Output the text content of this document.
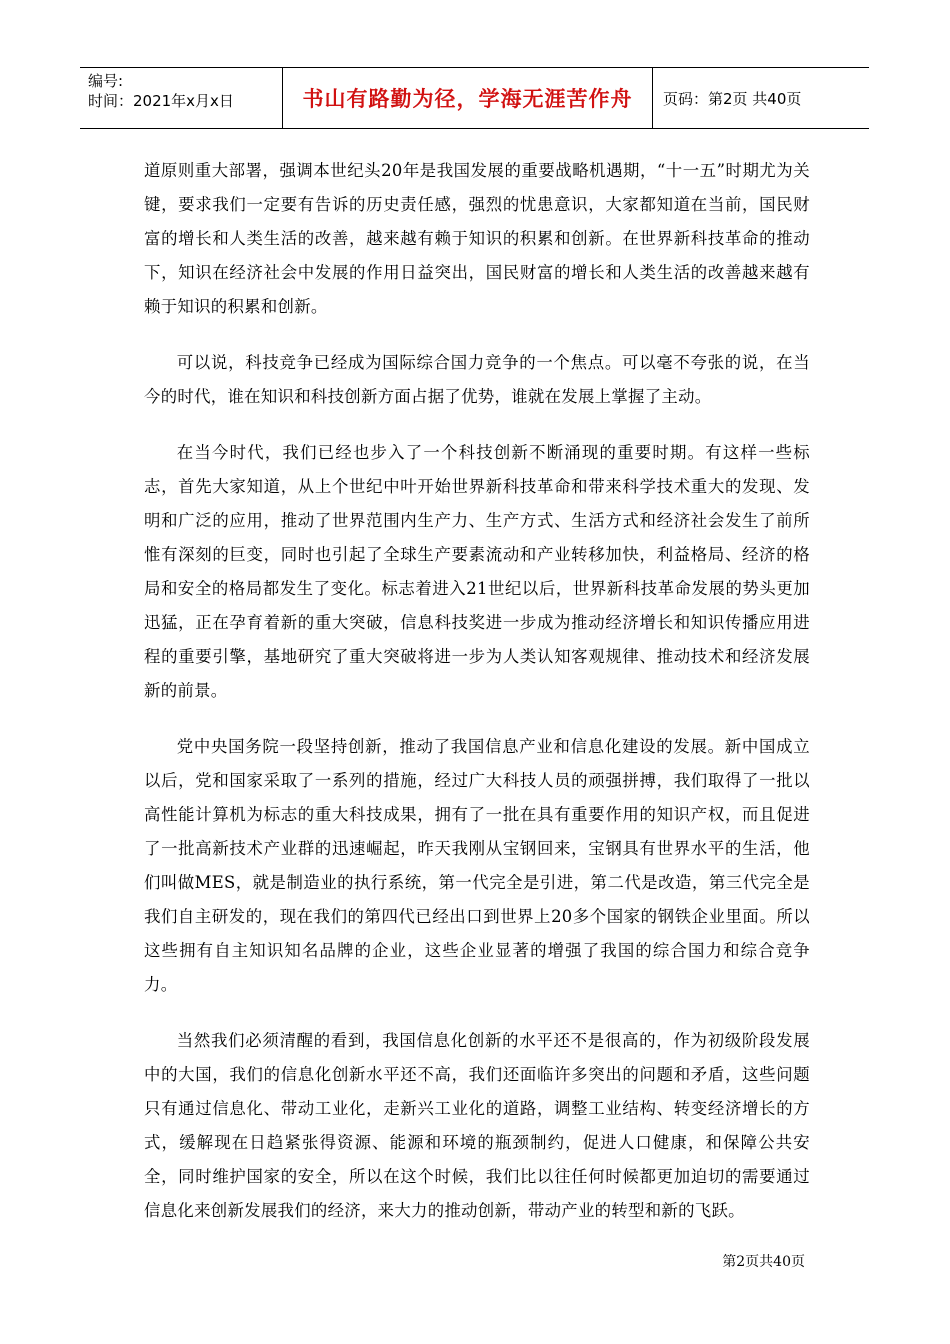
编号:
时间：2021年x月x日	书山有路勤为径，学海无涯苦作舟 页码：第2页 共40页

道原则重大部署，强调本世纪头20年是我国发展的重要战略机遇期，“十一五”时期尤为关键，要求我们一定要有告诉的历史责任感，强烈的忧患意识，大家都知道在当前，国民财富的增长和人类生活的改善，越来越有赖于知识的积累和创新。在世界新科技革命的推动下，知识在经济社会中发展的作用日益突出，国民财富的增长和人类生活的改善越来越有赖于知识的积累和创新。

可以说，科技竞争已经成为国际综合国力竞争的一个焦点。可以毫不夸张的说，在当今的时代，谁在知识和科技创新方面占据了优势，谁就在发展上掌握了主动。

在当今时代，我们已经也步入了一个科技创新不断涌现的重要时期。有这样一些标志，首先大家知道，从上个世纪中叶开始世界新科技革命和带来科学技术重大的发现、发明和广泛的应用，推动了世界范围内生产力、生产方式、生活方式和经济社会发生了前所惟有深刻的巨变，同时也引起了全球生产要素流动和产业转移加快，利益格局、经济的格局和安全的格局都发生了变化。标志着进入21世纪以后，世界新科技革命发展的势头更加迅猛，正在孕育着新的重大突破，信息科技奖进一步成为推动经济增长和知识传播应用进程的重要引擎，基地研究了重大突破将进一步为人类认知客观规律、推动技术和经济发展新的前景。

党中央国务院一段坚持创新，推动了我国信息产业和信息化建设的发展。新中国成立以后，党和国家采取了一系列的措施，经过广大科技人员的顽强拼搏，我们取得了一批以高性能计算机为标志的重大科技成果，拥有了一批在具有重要作用的知识产权，而且促进了一批高新技术产业群的迅速崛起，昨天我刚从宝钢回来，宝钢具有世界水平的生活，他们叫做MES，就是制造业的执行系统，第一代完全是引进，第二代是改造，第三代完全是我们自主研发的，现在我们的第四代已经出口到世界上20多个国家的钢铁企业里面。所以这些拥有自主知识知名品牌的企业，这些企业显著的增强了我国的综合国力和综合竞争力。

当然我们必须清醒的看到，我国信息化创新的水平还不是很高的，作为初级阶段发展中的大国，我们的信息化创新水平还不高，我们还面临许多突出的问题和矛盾，这些问题只有通过信息化、带动工业化，走新兴工业化的道路，调整工业结构、转变经济增长的方式，缓解现在日趋紧张得资源、能源和环境的瓶颈制约，促进人口健康，和保障公共安全，同时维护国家的安全，所以在这个时候，我们比以往任何时候都更加迫切的需要通过信息化来创新发展我们的经济，来大力的推动创新，带动产业的转型和新的飞跃。

第2页共40页
